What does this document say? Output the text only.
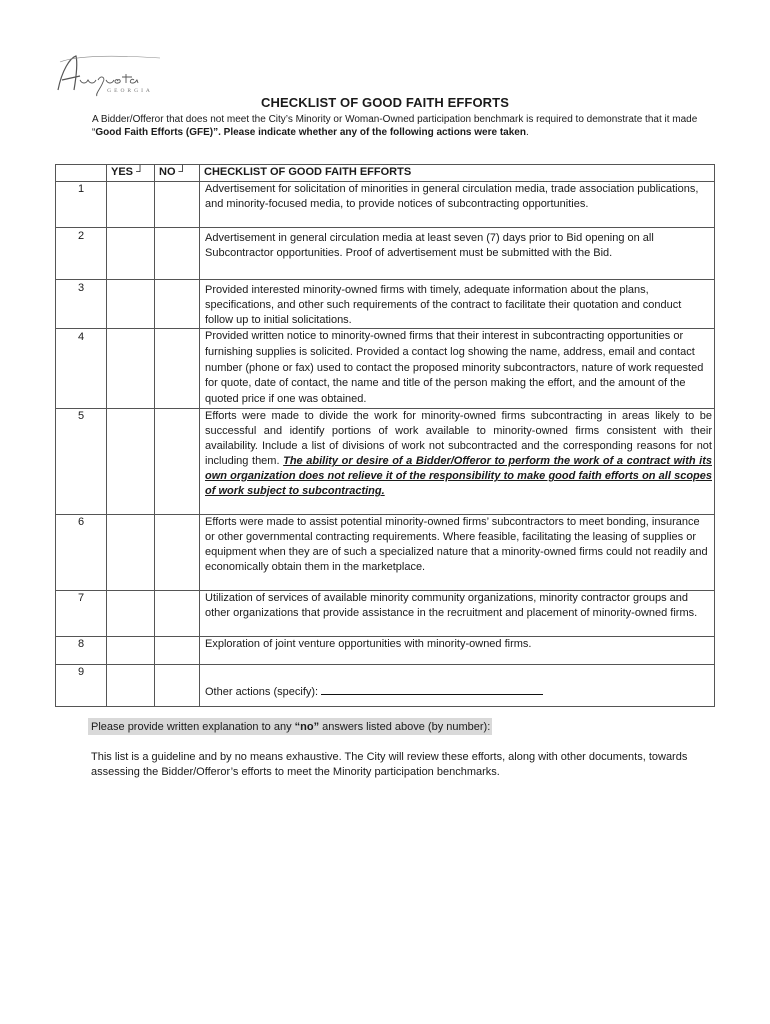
GEORGIA
CHECKLIST OF GOOD FAITH EFFORTS
A Bidder/Offeror that does not meet the City’s Minority or Woman-Owned participation benchmark is required to demonstrate that it made “Good Faith Efforts (GFE)”. Please indicate whether any of the following actions were taken.
	YES ┘	NO ┘	CHECKLIST OF GOOD FAITH EFFORTS
1			Advertisement for solicitation of minorities in general circulation media, trade association publications, and minority-focused media, to provide notices of subcontracting opportunities.
2			Advertisement in general circulation media at least seven (7) days prior to Bid opening on all Subcontractor opportunities. Proof of advertisement must be submitted with the Bid.
3			Provided interested minority-owned firms with timely, adequate information about the plans, specifications, and other such requirements of the contract to facilitate their quotation and conduct follow up to initial solicitations.
4			Provided written notice to minority-owned firms that their interest in subcontracting opportunities or furnishing supplies is solicited. Provided a contact log showing the name, address, email and contact number (phone or fax) used to contact the proposed minority subcontractors, nature of work requested for quote, date of contact, the name and title of the person making the effort, and the amount of the quoted price if one was obtained.
5			Efforts were made to divide the work for minority-owned firms subcontracting in areas likely to be successful and identify portions of work available to minority-owned firms consistent with their availability. Include a list of divisions of work not subcontracted and the corresponding reasons for not including them. The ability or desire of a Bidder/Offeror to perform the work of a contract with its own organization does not relieve it of the responsibility to make good faith efforts on all scopes of work subject to subcontracting.
6			Efforts were made to assist potential minority-owned firms’ subcontractors to meet bonding, insurance or other governmental contracting requirements. Where feasible, facilitating the leasing of supplies or equipment when they are of such a specialized nature that a minority-owned firms could not readily and economically obtain them in the marketplace.
7			Utilization of services of available minority community organizations, minority contractor groups and other organizations that provide assistance in the recruitment and placement of minority-owned firms.
8			Exploration of joint venture opportunities with minority-owned firms.
9			Other actions (specify):
Please provide written explanation to any “no” answers listed above (by number):
This list is a guideline and by no means exhaustive. The City will review these efforts, along with other documents, towards assessing the Bidder/Offeror’s efforts to meet the Minority participation benchmarks.
